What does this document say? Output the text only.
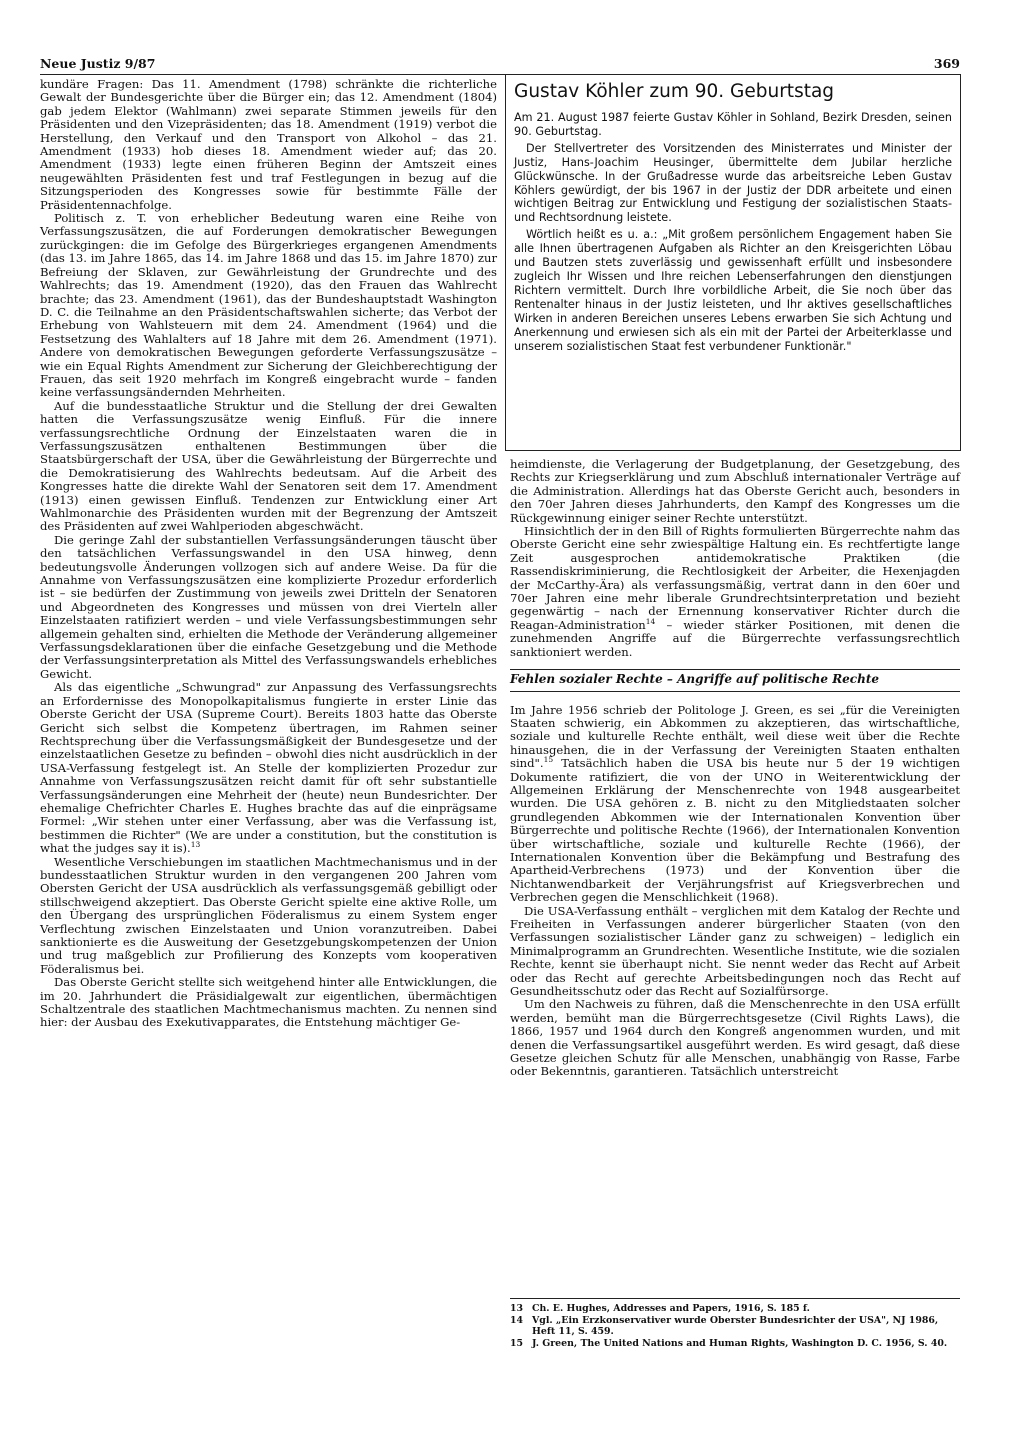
Neue Justiz 9/87	369

kundäre Fragen: Das 11. Amendment (1798) schränkte die richterliche Gewalt der Bundesgerichte über die Bürger ein; das 12. Amendment (1804) gab jedem Elektor (Wahlmann) zwei separate Stimmen jeweils für den Präsidenten und den Vizepräsidenten; das 18. Amendment (1919) verbot die Herstellung, den Verkauf und den Transport von Alkohol – das 21. Amendment (1933) hob dieses 18. Amendment wieder auf; das 20. Amendment (1933) legte einen früheren Beginn der Amtszeit eines neugewählten Präsidenten fest und traf Festlegungen in bezug auf die Sitzungsperioden des Kongresses sowie für bestimmte Fälle der Präsidentennachfolge.

Politisch z. T. von erheblicher Bedeutung waren eine Reihe von Verfassungszusätzen, die auf Forderungen demokratischer Bewegungen zurückgingen: die im Gefolge des Bürgerkrieges ergangenen Amendments (das 13. im Jahre 1865, das 14. im Jahre 1868 und das 15. im Jahre 1870) zur Befreiung der Sklaven, zur Gewährleistung der Grundrechte und des Wahlrechts; das 19. Amendment (1920), das den Frauen das Wahlrecht brachte; das 23. Amendment (1961), das der Bundeshauptstadt Washington D. C. die Teilnahme an den Präsidentschaftswahlen sicherte; das Verbot der Erhebung von Wahlsteuern mit dem 24. Amendment (1964) und die Festsetzung des Wahlalters auf 18 Jahre mit dem 26. Amendment (1971). Andere von demokratischen Bewegungen geforderte Verfassungszusätze – wie ein Equal Rights Amendment zur Sicherung der Gleichberechtigung der Frauen, das seit 1920 mehrfach im Kongreß eingebracht wurde – fanden keine verfassungsändernden Mehrheiten.

Auf die bundesstaatliche Struktur und die Stellung der drei Gewalten hatten die Verfassungszusätze wenig Einfluß. Für die innere verfassungsrechtliche Ordnung der Einzelstaaten waren die in Verfassungszusätzen enthaltenen Bestimmungen über die Staatsbürgerschaft der USA, über die Gewährleistung der Bürgerrechte und die Demokratisierung des Wahlrechts bedeutsam. Auf die Arbeit des Kongresses hatte die direkte Wahl der Senatoren seit dem 17. Amendment (1913) einen gewissen Einfluß. Tendenzen zur Entwicklung einer Art Wahlmonarchie des Präsidenten wurden mit der Begrenzung der Amtszeit des Präsidenten auf zwei Wahlperioden abgeschwächt.

Die geringe Zahl der substantiellen Verfassungsänderungen täuscht über den tatsächlichen Verfassungswandel in den USA hinweg, denn bedeutungsvolle Änderungen vollzogen sich auf andere Weise. Da für die Annahme von Verfassungszusätzen eine komplizierte Prozedur erforderlich ist – sie bedürfen der Zustimmung von jeweils zwei Dritteln der Senatoren und Abgeordneten des Kongresses und müssen von drei Vierteln aller Einzelstaaten ratifiziert werden – und viele Verfassungsbestimmungen sehr allgemein gehalten sind, erhielten die Methode der Veränderung allgemeiner Verfassungsdeklarationen über die einfache Gesetzgebung und die Methode der Verfassungsinterpretation als Mittel des Verfassungswandels erhebliches Gewicht.

Als das eigentliche „Schwungrad" zur Anpassung des Verfassungsrechts an Erfordernisse des Monopolkapitalismus fungierte in erster Linie das Oberste Gericht der USA (Supreme Court). Bereits 1803 hatte das Oberste Gericht sich selbst die Kompetenz übertragen, im Rahmen seiner Rechtsprechung über die Verfassungsmäßigkeit der Bundesgesetze und der einzelstaatlichen Gesetze zu befinden – obwohl dies nicht ausdrücklich in der USA-Verfassung festgelegt ist. An Stelle der komplizierten Prozedur zur Annahme von Verfassungszusätzen reicht damit für oft sehr substantielle Verfassungsänderungen eine Mehrheit der (heute) neun Bundesrichter. Der ehemalige Chefrichter Charles E. Hughes brachte das auf die einprägsame Formel: „Wir stehen unter einer Verfassung, aber was die Verfassung ist, bestimmen die Richter" (We are under a constitution, but the constitution is what the judges say it is).$^{13}$

Wesentliche Verschiebungen im staatlichen Machtmechanismus und in der bundesstaatlichen Struktur wurden in den vergangenen 200 Jahren vom Obersten Gericht der USA ausdrücklich als verfassungsgemäß gebilligt oder stillschweigend akzeptiert. Das Oberste Gericht spielte eine aktive Rolle, um den Übergang des ursprünglichen Föderalismus zu einem System enger Verflechtung zwischen Einzelstaaten und Union voranzutreiben. Dabei sanktionierte es die Ausweitung der Gesetzgebungskompetenzen der Union und trug maßgeblich zur Profilierung des Konzepts vom kooperativen Föderalismus bei.

Das Oberste Gericht stellte sich weitgehend hinter alle Entwicklungen, die im 20. Jahrhundert die Präsidialgewalt zur eigentlichen, übermächtigen Schaltzentrale des staatlichen Machtmechanismus machten. Zu nennen sind hier: der Ausbau des Exekutivapparates, die Entstehung mächtiger Ge-

Gustav Köhler zum 90. Geburtstag

Am 21. August 1987 feierte Gustav Köhler in Sohland, Bezirk Dresden, seinen 90. Geburtstag.

Der Stellvertreter des Vorsitzenden des Ministerrates und Minister der Justiz, Hans-Joachim Heusinger, übermittelte dem Jubilar herzliche Glückwünsche. In der Grußadresse wurde das arbeitsreiche Leben Gustav Köhlers gewürdigt, der bis 1967 in der Justiz der DDR arbeitete und einen wichtigen Beitrag zur Entwicklung und Festigung der sozialistischen Staats- und Rechtsordnung leistete.

Wörtlich heißt es u. a.: „Mit großem persönlichem Engagement haben Sie alle Ihnen übertragenen Aufgaben als Richter an den Kreisgerichten Löbau und Bautzen stets zuverlässig und gewissenhaft erfüllt und insbesondere zugleich Ihr Wissen und Ihre reichen Lebenserfahrungen den dienstjungen Richtern vermittelt. Durch Ihre vorbildliche Arbeit, die Sie noch über das Rentenalter hinaus in der Justiz leisteten, und Ihr aktives gesellschaftliches Wirken in anderen Bereichen unseres Lebens erwarben Sie sich Achtung und Anerkennung und erwiesen sich als ein mit der Partei der Arbeiterklasse und unserem sozialistischen Staat fest verbundener Funktionär."

heimdienste, die Verlagerung der Budgetplanung, der Gesetzgebung, des Rechts zur Kriegserklärung und zum Abschluß internationaler Verträge auf die Administration. Allerdings hat das Oberste Gericht auch, besonders in den 70er Jahren dieses Jahrhunderts, den Kampf des Kongresses um die Rückgewinnung einiger seiner Rechte unterstützt.

Hinsichtlich der in den Bill of Rights formulierten Bürgerrechte nahm das Oberste Gericht eine sehr zwiespältige Haltung ein. Es rechtfertigte lange Zeit ausgesprochen antidemokratische Praktiken (die Rassendiskriminierung, die Rechtlosigkeit der Arbeiter, die Hexenjagden der McCarthy-Ära) als verfassungsmäßig, vertrat dann in den 60er und 70er Jahren eine mehr liberale Grundrechtsinterpretation und bezieht gegenwärtig – nach der Ernennung konservativer Richter durch die Reagan-Administration$^{14}$ – wieder stärker Positionen, mit denen die zunehmenden Angriffe auf die Bürgerrechte verfassungsrechtlich sanktioniert werden.

Fehlen sozialer Rechte – Angriffe auf politische Rechte

Im Jahre 1956 schrieb der Politologe J. Green, es sei „für die Vereinigten Staaten schwierig, ein Abkommen zu akzeptieren, das wirtschaftliche, soziale und kulturelle Rechte enthält, weil diese weit über die Rechte hinausgehen, die in der Verfassung der Vereinigten Staaten enthalten sind".$^{15}$ Tatsächlich haben die USA bis heute nur 5 der 19 wichtigen Dokumente ratifiziert, die von der UNO in Weiterentwicklung der Allgemeinen Erklärung der Menschenrechte von 1948 ausgearbeitet wurden. Die USA gehören z. B. nicht zu den Mitgliedstaaten solcher grundlegenden Abkommen wie der Internationalen Konvention über Bürgerrechte und politische Rechte (1966), der Internationalen Konvention über wirtschaftliche, soziale und kulturelle Rechte (1966), der Internationalen Konvention über die Bekämpfung und Bestrafung des Apartheid-Verbrechens (1973) und der Konvention über die Nichtanwendbarkeit der Verjährungsfrist auf Kriegsverbrechen und Verbrechen gegen die Menschlichkeit (1968).

Die USA-Verfassung enthält – verglichen mit dem Katalog der Rechte und Freiheiten in Verfassungen anderer bürgerlicher Staaten (von den Verfassungen sozialistischer Länder ganz zu schweigen) – lediglich ein Minimalprogramm an Grundrechten. Wesentliche Institute, wie die sozialen Rechte, kennt sie überhaupt nicht. Sie nennt weder das Recht auf Arbeit oder das Recht auf gerechte Arbeitsbedingungen noch das Recht auf Gesundheitsschutz oder das Recht auf Sozialfürsorge.

Um den Nachweis zu führen, daß die Menschenrechte in den USA erfüllt werden, bemüht man die Bürgerrechtsgesetze (Civil Rights Laws), die 1866, 1957 und 1964 durch den Kongreß angenommen wurden, und mit denen die Verfassungsartikel ausgeführt werden. Es wird gesagt, daß diese Gesetze gleichen Schutz für alle Menschen, unabhängig von Rasse, Farbe oder Bekenntnis, garantieren. Tatsächlich unterstreicht

13 Ch. E. Hughes, Addresses and Papers, 1916, S. 185 f.
14 Vgl. „Ein Erzkonservativer wurde Oberster Bundesrichter der USA", NJ 1986, Heft 11, S. 459.
15 J. Green, The United Nations and Human Rights, Washington D. C. 1956, S. 40.
